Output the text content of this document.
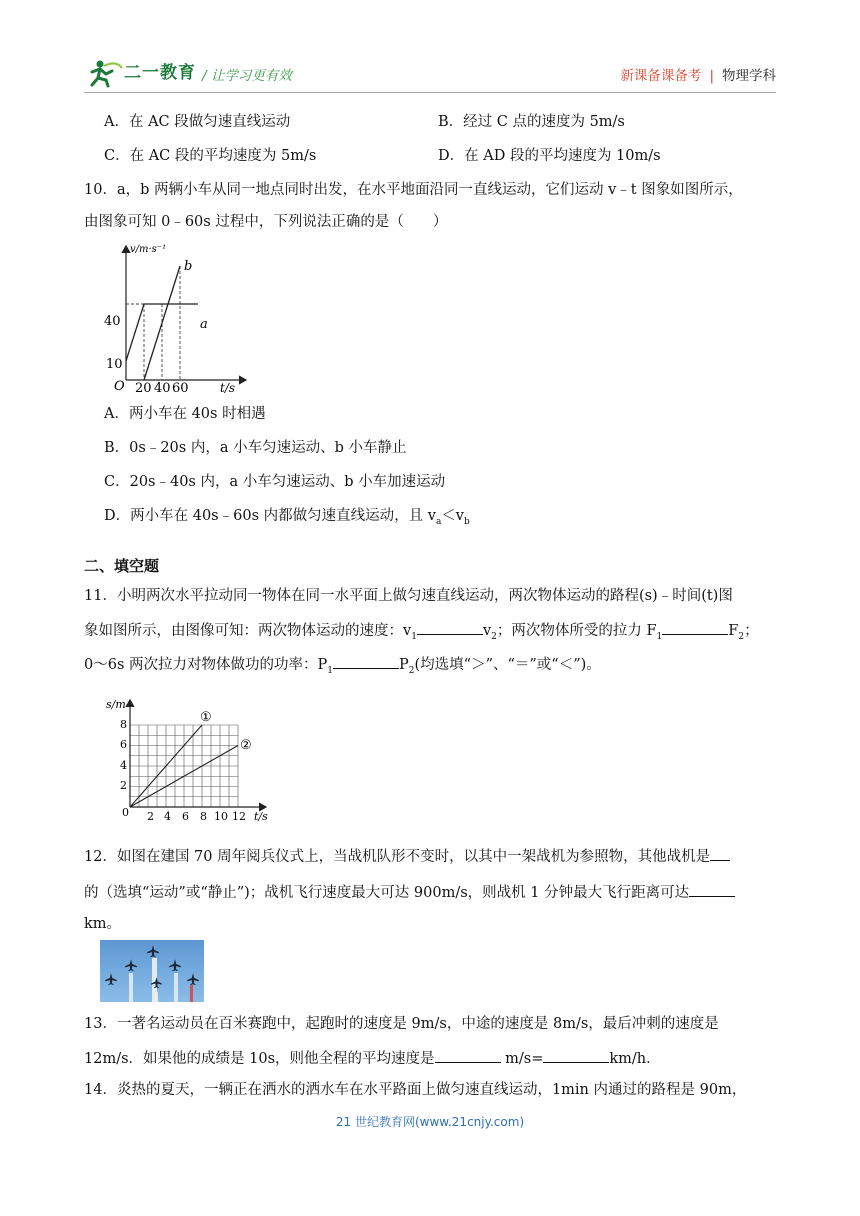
二一教育 / 让学习更有效	新课备课备考 | 物理学科
A．在 AC 段做匀速直线运动	B．经过 C 点的速度为 5m/s
C．在 AC 段的平均速度为 5m/s	D．在 AD 段的平均速度为 10m/s
10．a，b 两辆小车从同一地点同时出发，在水平地面沿同一直线运动，它们运动 v﹣t 图象如图所示，
由图象可知 0﹣60s 过程中，下列说法正确的是（　　）
v/m·s⁻¹
t/s
O
10
40
20 40 60
a
b
A．两小车在 40s 时相遇
B．0s﹣20s 内，a 小车匀速运动、b 小车静止
C．20s﹣40s 内，a 小车匀速运动、b 小车加速运动
D．两小车在 40s﹣60s 内都做匀速直线运动，且 $v_a<v_b$
二、填空题
11．小明两次水平拉动同一物体在同一水平面上做匀速直线运动，两次物体运动的路程(s)﹣时间(t)图
象如图所示，由图像可知：两次物体运动的速度：$v_1$	$v_2$；两次物体所受的拉力 $F_1$	$F_2$；
0～6s 两次拉力对物体做功的功率：$P_1$	$P_2$(均选填“＞”、“＝”或“＜”)。
s/m
t/s
0
2
4
6
8
2 4 6 8 10 12
①
②
12．如图在建国 70 周年阅兵仪式上，当战机队形不变时，以其中一架战机为参照物，其他战机是
的（选填“运动”或“静止”)；战机飞行速度最大可达 900m/s，则战机 1 分钟最大飞行距离可达
km。
13．一著名运动员在百米赛跑中，起跑时的速度是 9m/s，中途的速度是 8m/s，最后冲刺的速度是
12m/s．如果他的成绩是 10s，则他全程的平均速度是	m/s=	km/h．
14．炎热的夏天，一辆正在洒水的洒水车在水平路面上做匀速直线运动，1min 内通过的路程是 90m，
21 世纪教育网(www.21cnjy.com)
